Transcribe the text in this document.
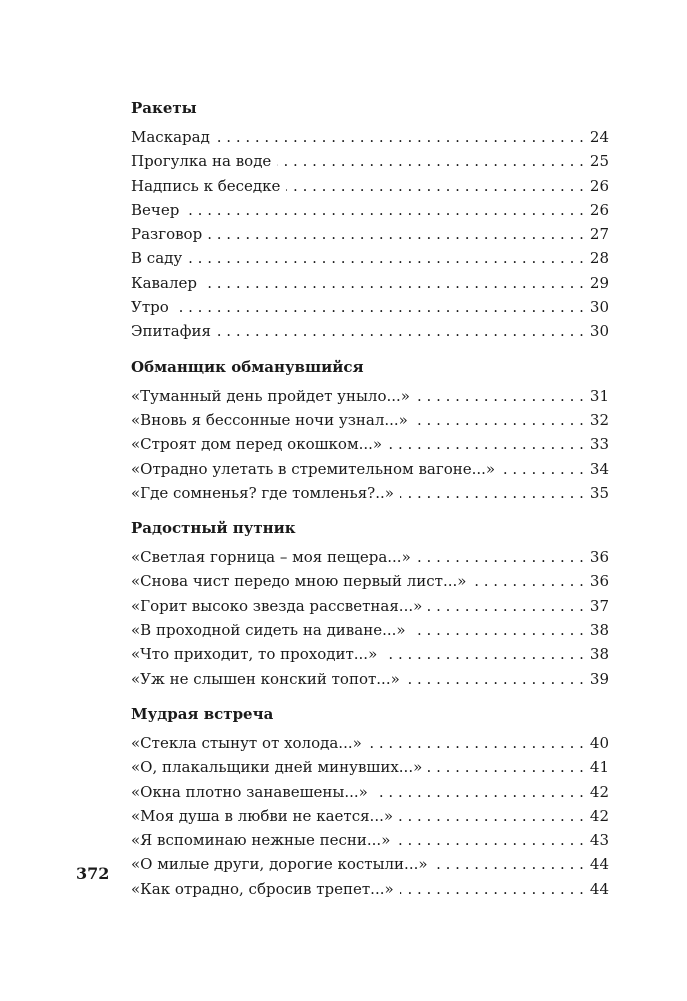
Ракеты
Маскарад . . .	24
Прогулка на воде . . .	25
Надпись к беседке . . .	26
Вечер . . .	26
Разговор . . .	27
В саду . . .	28
Кавалер . . .	29
Утро . . .	30
Эпитафия . . .	30
Обманщик обманувшийся
«Туманный день пройдет уныло...» . . .	31
«Вновь я бессонные ночи узнал...» . . .	32
«Строят дом перед окошком...» . . .	33
«Отрадно улетать в стремительном вагоне...» . . .	34
«Где сомненья? где томленья?..» . . .	35
Радостный путник
«Светлая горница – моя пещера...» . . .	36
«Снова чист передо мною первый лист...» . . .	36
«Горит высоко звезда рассветная...» . . .	37
«В проходной сидеть на диване...» . . .	38
«Что приходит, то проходит...» . . .	38
«Уж не слышен конский топот...» . . .	39
Мудрая встреча
«Стекла стынут от холода...» . . .	40
«О, плакальщики дней минувших...» . . .	41
«Окна плотно занавешены...» . . .	42
«Моя душа в любви не кается...» . . .	42
«Я вспоминаю нежные песни...» . . .	43
«О милые други, дорогие костыли...» . . .	44
«Как отрадно, сбросив трепет...» . . .	44
372
